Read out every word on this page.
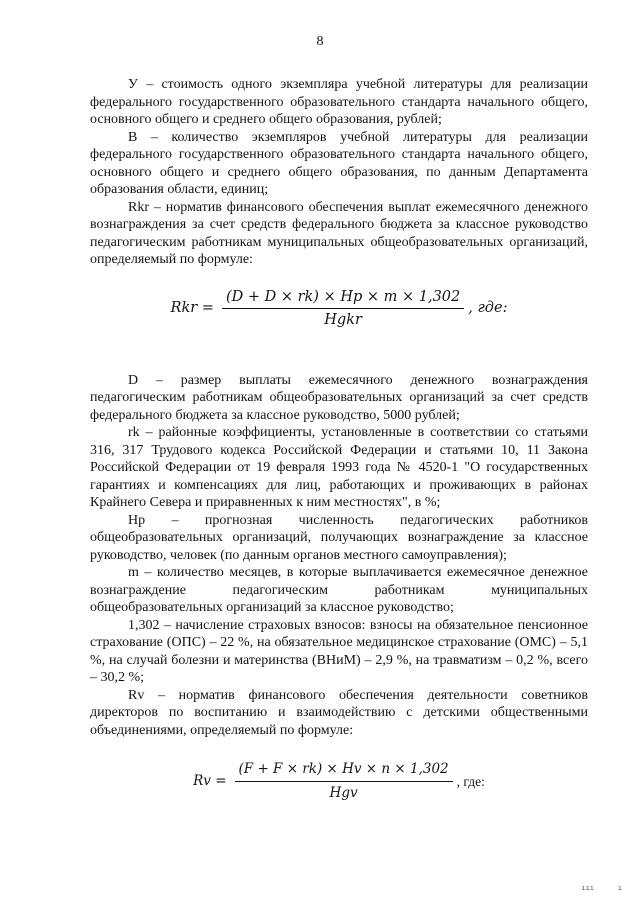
8

У – стоимость одного экземпляра учебной литературы для реализации федерального государственного образовательного стандарта начального общего, основного общего и среднего общего образования, рублей;

В – количество экземпляров учебной литературы для реализации федерального государственного образовательного стандарта начального общего, основного общего и среднего общего образования, по данным Департамента образования области, единиц;

Rkr – норматив финансового обеспечения выплат ежемесячного денежного вознаграждения за счет средств федерального бюджета за классное руководство педагогическим работникам муниципальных общеобразовательных организаций, определяемый по формуле:

Rkr = $\frac{(D + D \times rk) \times Hp \times m \times 1,302}{\text{Hgkr}}$ , где:

D – размер выплаты ежемесячного денежного вознаграждения педагогическим работникам общеобразовательных организаций за счет средств федерального бюджета за классное руководство, 5000 рублей;

rk – районные коэффициенты, установленные в соответствии со статьями 316, 317 Трудового кодекса Российской Федерации и статьями 10, 11 Закона Российской Федерации от 19 февраля 1993 года № 4520-1 "О государственных гарантиях и компенсациях для лиц, работающих и проживающих в районах Крайнего Севера и приравненных к ним местностях", в %;

Нр – прогнозная численность педагогических работников общеобразовательных организаций, получающих вознаграждение за классное руководство, человек (по данным органов местного самоуправления);

m – количество месяцев, в которые выплачивается ежемесячное денежное вознаграждение педагогическим работникам муниципальных общеобразовательных организаций за классное руководство;

1,302 – начисление страховых взносов: взносы на обязательное пенсионное страхование (ОПС) – 22 %, на обязательное медицинское страхование (ОМС) – 5,1 %, на случай болезни и материнства (ВНиМ) – 2,9 %, на травматизм – 0,2 %, всего – 30,2 %;

Rv – норматив финансового обеспечения деятельности советников директоров по воспитанию и взаимодействию с детскими общественными объединениями, определяемый по формуле:

$Rv = \frac{(F + F \times rk) \times Hv \times n \times 1,302}{\text{Hgv}}$ , где:
ııı	ı
